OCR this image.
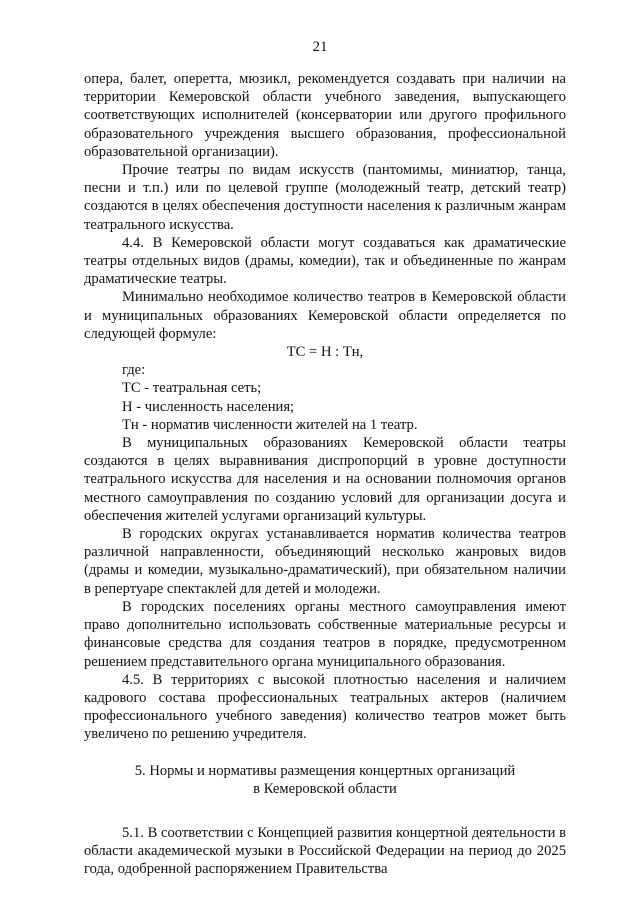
21

опера, балет, оперетта, мюзикл, рекомендуется создавать при наличии на территории Кемеровской области учебного заведения, выпускающего соответствующих исполнителей (консерватории или другого профильного образовательного учреждения высшего образования, профессиональной образовательной организации).

Прочие театры по видам искусств (пантомимы, миниатюр, танца, песни и т.п.) или по целевой группе (молодежный театр, детский театр) создаются в целях обеспечения доступности населения к различным жанрам театрального искусства.

4.4. В Кемеровской области могут создаваться как драматические театры отдельных видов (драмы, комедии), так и объединенные по жанрам драматические театры.

Минимально необходимое количество театров в Кемеровской области и муниципальных образованиях Кемеровской области определяется по следующей формуле:

ТС = Н : Тн,

где:

ТС - театральная сеть;

Н - численность населения;

Тн - норматив численности жителей на 1 театр.

В муниципальных образованиях Кемеровской области театры создаются в целях выравнивания диспропорций в уровне доступности театрального искусства для населения и на основании полномочия органов местного самоуправления по созданию условий для организации досуга и обеспечения жителей услугами организаций культуры.

В городских округах устанавливается норматив количества театров различной направленности, объединяющий несколько жанровых видов (драмы и комедии, музыкально-драматический), при обязательном наличии в репертуаре спектаклей для детей и молодежи.

В городских поселениях органы местного самоуправления имеют право дополнительно использовать собственные материальные ресурсы и финансовые средства для создания театров в порядке, предусмотренном решением представительного органа муниципального образования.

4.5. В территориях с высокой плотностью населения и наличием кадрового состава профессиональных театральных актеров (наличием профессионального учебного заведения) количество театров может быть увеличено по решению учредителя.

5. Нормы и нормативы размещения концертных организаций

в Кемеровской области

5.1. В соответствии с Концепцией развития концертной деятельности в области академической музыки в Российской Федерации на период до 2025 года, одобренной распоряжением Правительства
